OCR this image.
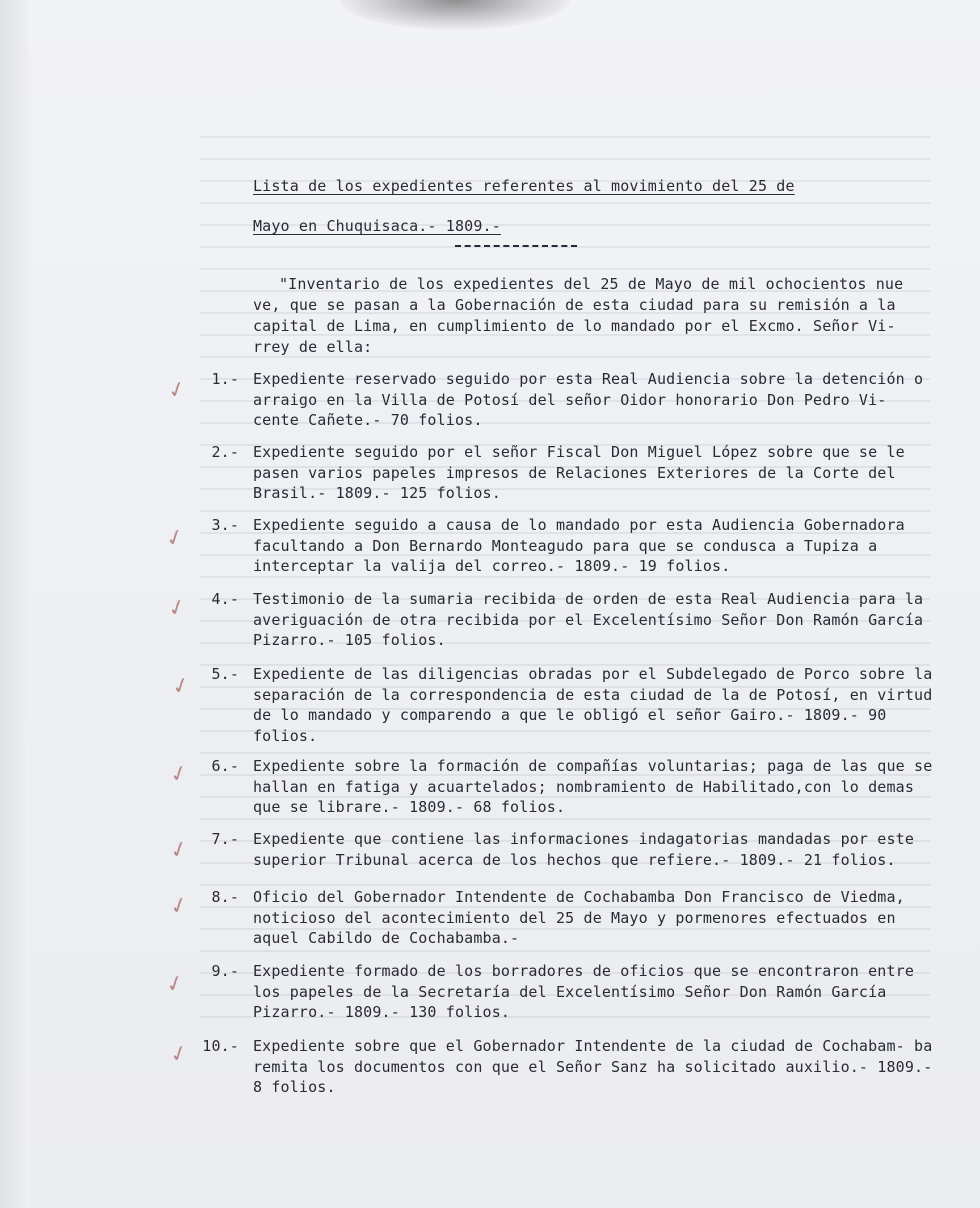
Lista de los expedientes referentes al movimiento del 25 de
Mayo en Chuquisaca.- 1809.-
"Inventario de los expedientes del 25 de Mayo de mil ochocientos nue ve, que se pasan a la Gobernación de esta ciudad para su remisión a la capital de Lima, en cumplimiento de lo mandado por el Excmo. Señor Vi- rrey de ella:
1.- Expediente reservado seguido por esta Real Audiencia sobre la detención o arraigo en la Villa de Potosí del señor Oidor honorario Don Pedro Vi- cente Cañete.- 70 folios.
✓
2.- Expediente seguido por el señor Fiscal Don Miguel López sobre que se le pasen varios papeles impresos de Relaciones Exteriores de la Corte del Brasil.- 1809.- 125 folios.
3.- Expediente seguido a causa de lo mandado por esta Audiencia Gobernadora facultando a Don Bernardo Monteagudo para que se condusca a Tupiza a interceptar la valija del correo.- 1809.- 19 folios.
✓
4.- Testimonio de la sumaria recibida de orden de esta Real Audiencia para la averiguación de otra recibida por el Excelentísimo Señor Don Ramón García Pizarro.- 105 folios.
✓
5.- Expediente de las diligencias obradas por el Subdelegado de Porco sobre la separación de la correspondencia de esta ciudad de la de Potosí, en virtud de lo mandado y comparendo a que le obligó el señor Gairo.- 1809.- 90 folios.
✓
6.- Expediente sobre la formación de compañías voluntarias; paga de las que se hallan en fatiga y acuartelados; nombramiento de Habilitado,con lo demas que se librare.- 1809.- 68 folios.
✓
7.- Expediente que contiene las informaciones indagatorias mandadas por este superior Tribunal acerca de los hechos que refiere.- 1809.- 21 folios.
✓
8.- Oficio del Gobernador Intendente de Cochabamba Don Francisco de Viedma, noticioso del acontecimiento del 25 de Mayo y pormenores efectuados en aquel Cabildo de Cochabamba.-
✓
9.- Expediente formado de los borradores de oficios que se encontraron entre los papeles de la Secretaría del Excelentísimo Señor Don Ramón García Pizarro.- 1809.- 130 folios.
✓
10.- Expediente sobre que el Gobernador Intendente de la ciudad de Cochabam- ba remita los documentos con que el Señor Sanz ha solicitado auxilio.- 1809.- 8 folios.
✓
